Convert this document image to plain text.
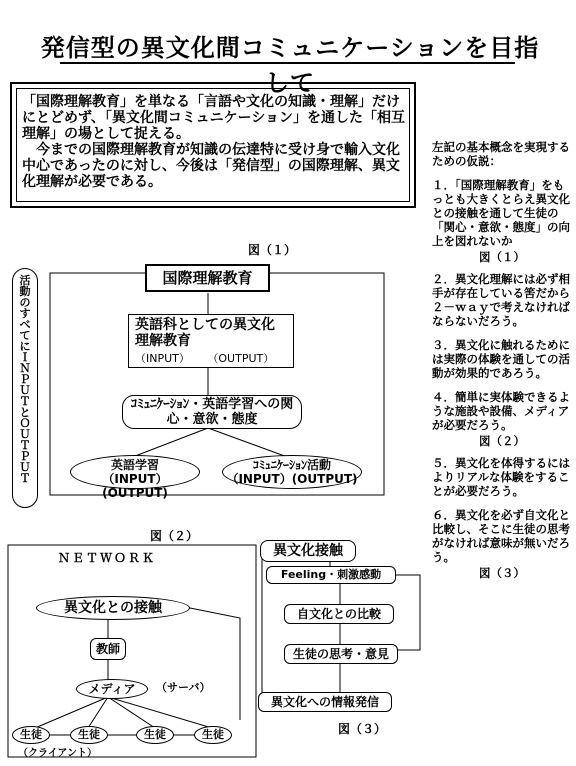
発信型の異文化間コミュニケーションを目指して
「国際理解教育」を単なる「言語や文化の知識・理解」だけにとどめず、「異文化間コミュニケーション」を通した「相互理解」の場として捉える。
今までの国際理解教育が知識の伝達特に受け身で輸入文化中心であったのに対し、今後は「発信型」の国際理解、異文化理解が必要である。

左記の基本概念を実現するための仮説：

１．「国際理解教育」をもっとも大きくとらえ異文化との接触を通して生徒の「関心・意欲・態度」の向上を図れないか

図（１）

２．異文化理解には必ず相手が存在している筈だから２－ｗａｙで考えなければならないだろう。

３．異文化に触れるためには実際の体験を通しての活動が効果的であろう。

４．簡単に実体験できるような施設や設備、メディアが必要だろう。

図（２）

５．異文化を体得するにはよりリアルな体験をすることが必要だろう。

６．異文化を必ず自文化と比較し、そこに生徒の思考がなければ意味が無いだろう。

図（３）

図（１）
活動のすべてにＩＮＰＵＴとＯＵＴＰＵＴ
国際理解教育
英語科としての異文化理解教育
（INPUT） （OUTPUT）
ｺﾐｭﾆｹｰｼｮﾝ・英語学習への関心・意欲・態度
英語学習
（INPUT）(OUTPUT)
ｺﾐｭﾆｹｰｼｮﾝ活動
（INPUT）(OUTPUT)
図（２）
ＮＥＴＷＯＲＫ
異文化との接触
教師
メディア	（サーバ）
生徒	生徒	生徒	生徒
（クライアント）
異文化接触
Feeling・刺激感動
自文化との比較
生徒の思考・意見
異文化への情報発信
図（３）
